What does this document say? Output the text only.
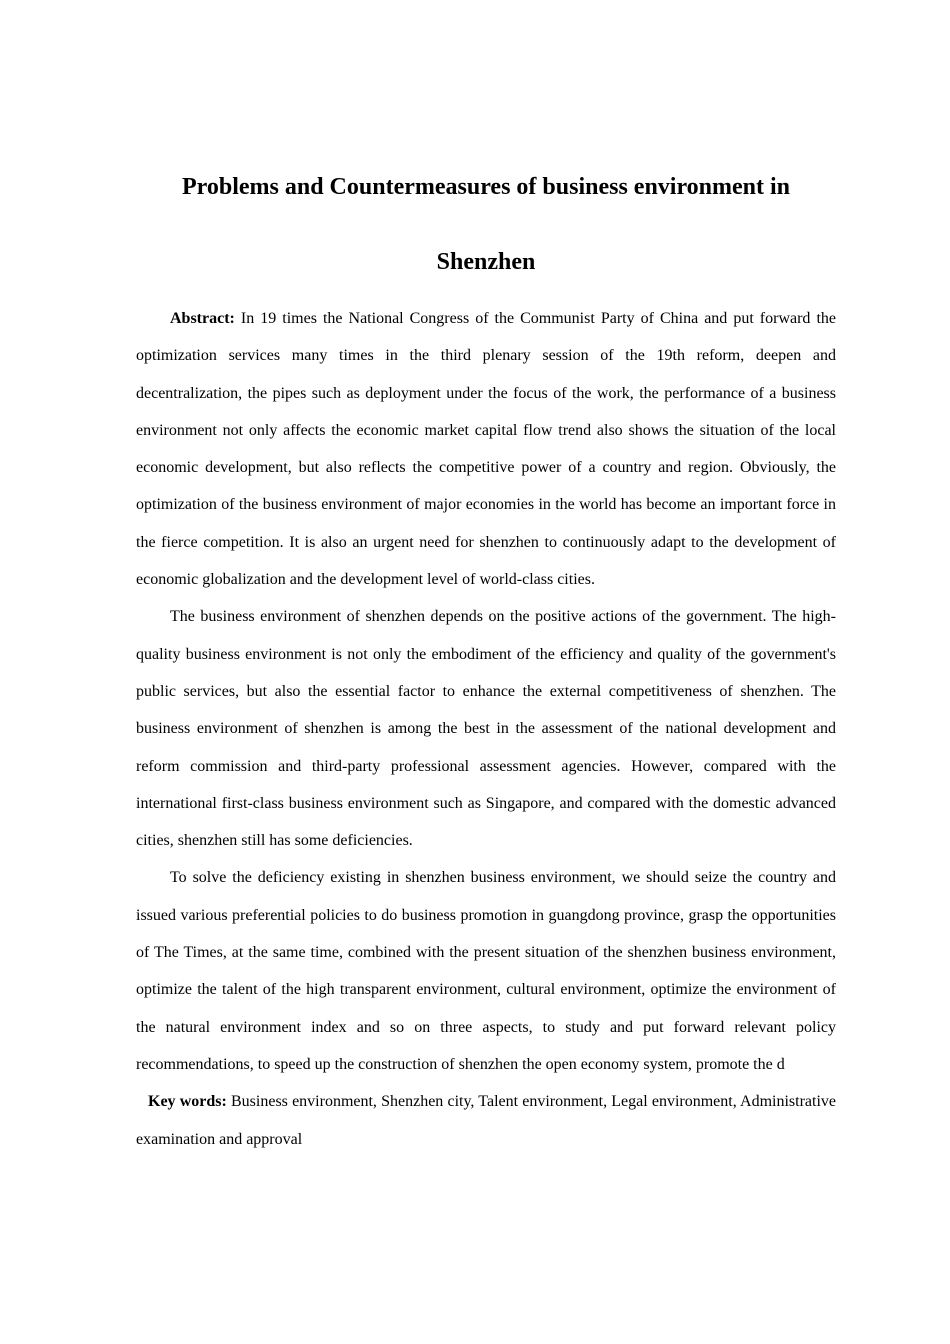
Problems and Countermeasures of business environment in
Shenzhen

Abstract: In 19 times the National Congress of the Communist Party of China and put forward the optimization services many times in the third plenary session of the 19th reform, deepen and decentralization, the pipes such as deployment under the focus of the work, the performance of a business environment not only affects the economic market capital flow trend also shows the situation of the local economic development, but also reflects the competitive power of a country and region. Obviously, the optimization of the business environment of major economies in the world has become an important force in the fierce competition. It is also an urgent need for shenzhen to continuously adapt to the development of economic globalization and the development level of world-class cities.

The business environment of shenzhen depends on the positive actions of the government. The high-quality business environment is not only the embodiment of the efficiency and quality of the government's public services, but also the essential factor to enhance the external competitiveness of shenzhen. The business environment of shenzhen is among the best in the assessment of the national development and reform commission and third-party professional assessment agencies. However, compared with the international first-class business environment such as Singapore, and compared with the domestic advanced cities, shenzhen still has some deficiencies.

To solve the deficiency existing in shenzhen business environment, we should seize the country and issued various preferential policies to do business promotion in guangdong province, grasp the opportunities of The Times, at the same time, combined with the present situation of the shenzhen business environment, optimize the talent of the high transparent environment, cultural environment, optimize the environment of the natural environment index and so on three aspects, to study and put forward relevant policy recommendations, to speed up the construction of shenzhen the open economy system, promote the d

Key words: Business environment, Shenzhen city, Talent environment, Legal environment, Administrative examination and approval
